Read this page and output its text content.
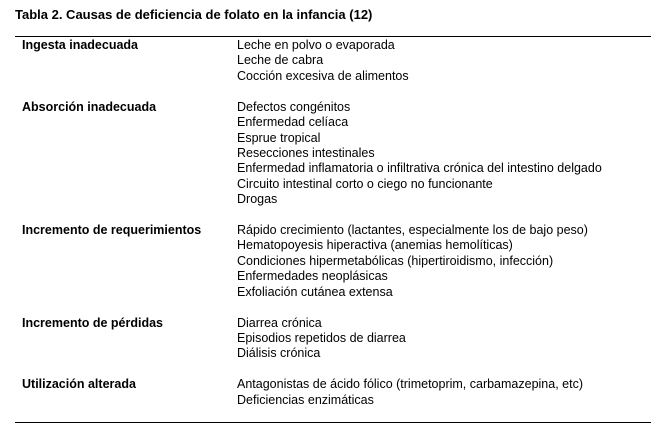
Tabla 2. Causas de deficiencia de folato en la infancia (12)
Ingesta inadecuada	Leche en polvo o evaporada
Leche de cabra
Cocción excesiva de alimentos
Absorción inadecuada	Defectos congénitos
Enfermedad celíaca
Esprue tropical
Resecciones intestinales
Enfermedad inflamatoria o infiltrativa crónica del intestino delgado
Circuito intestinal corto o ciego no funcionante
Drogas
Incremento de requerimientos	Rápido crecimiento (lactantes, especialmente los de bajo peso)
Hematopoyesis hiperactiva (anemias hemolíticas)
Condiciones hipermetabólicas (hipertiroidismo, infección)
Enfermedades neoplásicas
Exfoliación cutánea extensa
Incremento de pérdidas	Diarrea crónica
Episodios repetidos de diarrea
Diálisis crónica
Utilización alterada	Antagonistas de ácido fólico (trimetoprim, carbamazepina, etc)
Deficiencias enzimáticas
